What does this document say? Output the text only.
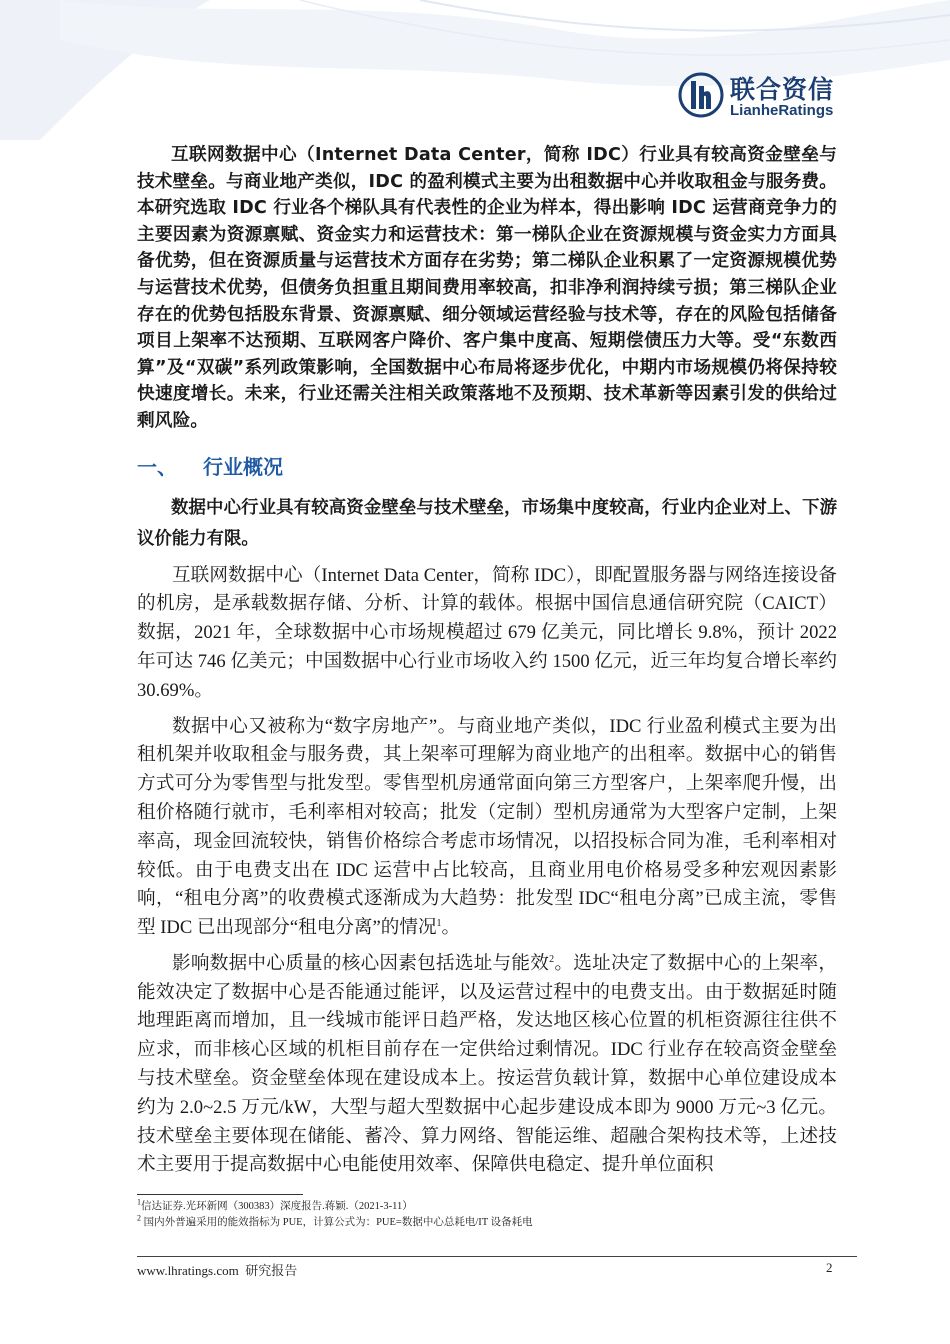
联合资信
LianheRatings

互联网数据中心（Internet Data Center，简称 IDC）行业具有较高资金壁垒与技术壁垒。与商业地产类似，IDC 的盈利模式主要为出租数据中心并收取租金与服务费。本研究选取 IDC 行业各个梯队具有代表性的企业为样本，得出影响 IDC 运营商竞争力的主要因素为资源禀赋、资金实力和运营技术：第一梯队企业在资源规模与资金实力方面具备优势，但在资源质量与运营技术方面存在劣势；第二梯队企业积累了一定资源规模优势与运营技术优势，但债务负担重且期间费用率较高，扣非净利润持续亏损；第三梯队企业存在的优势包括股东背景、资源禀赋、细分领域运营经验与技术等，存在的风险包括储备项目上架率不达预期、互联网客户降价、客户集中度高、短期偿债压力大等。受“东数西算”及“双碳”系列政策影响，全国数据中心布局将逐步优化，中期内市场规模仍将保持较快速度增长。未来，行业还需关注相关政策落地不及预期、技术革新等因素引发的供给过剩风险。

一、 行业概况

数据中心行业具有较高资金壁垒与技术壁垒，市场集中度较高，行业内企业对上、下游议价能力有限。

互联网数据中心（Internet Data Center，简称 IDC），即配置服务器与网络连接设备的机房，是承载数据存储、分析、计算的载体。根据中国信息通信研究院（CAICT）数据，2021 年，全球数据中心市场规模超过 679 亿美元，同比增长 9.8%，预计 2022 年可达 746 亿美元；中国数据中心行业市场收入约 1500 亿元，近三年均复合增长率约 30.69%。

数据中心又被称为“数字房地产”。与商业地产类似，IDC 行业盈利模式主要为出租机架并收取租金与服务费，其上架率可理解为商业地产的出租率。数据中心的销售方式可分为零售型与批发型。零售型机房通常面向第三方型客户，上架率爬升慢，出租价格随行就市，毛利率相对较高；批发（定制）型机房通常为大型客户定制，上架率高，现金回流较快，销售价格综合考虑市场情况，以招投标合同为准，毛利率相对较低。由于电费支出在 IDC 运营中占比较高，且商业用电价格易受多种宏观因素影响，“租电分离”的收费模式逐渐成为大趋势：批发型 IDC“租电分离”已成主流，零售型 IDC 已出现部分“租电分离”的情况$^1$。

影响数据中心质量的核心因素包括选址与能效$^2$。选址决定了数据中心的上架率，能效决定了数据中心是否能通过能评，以及运营过程中的电费支出。由于数据延时随地理距离而增加，且一线城市能评日趋严格，发达地区核心位置的机柜资源往往供不应求，而非核心区域的机柜目前存在一定供给过剩情况。IDC 行业存在较高资金壁垒与技术壁垒。资金壁垒体现在建设成本上。按运营负载计算，数据中心单位建设成本约为 2.0~2.5 万元/kW，大型与超大型数据中心起步建设成本即为 9000 万元~3 亿元。技术壁垒主要体现在储能、蓄冷、算力网络、智能运维、超融合架构技术等，上述技术主要用于提高数据中心电能使用效率、保障供电稳定、提升单位面积

$^1$信达证券.光环新网（300383）深度报告.蒋颖.（2021-3-11）
$^2$ 国内外普遍采用的能效指标为 PUE，计算公式为：PUE=数据中心总耗电/IT 设备耗电
www.lhratings.com 研究报告	2
